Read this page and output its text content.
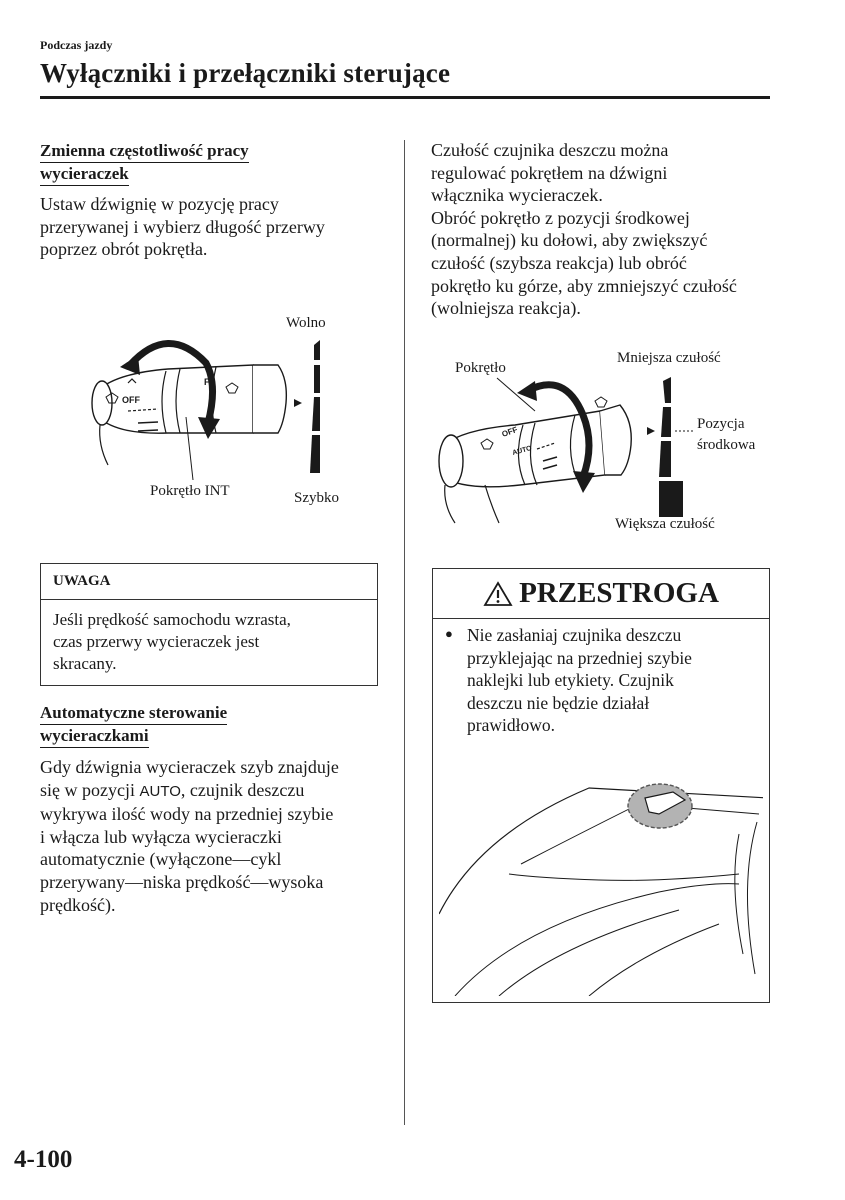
Podczas jazdy
Wyłączniki i przełączniki sterujące
Zmienna częstotliwość pracy
wycieraczek
Ustaw dźwignię w pozycję pracy
przerywanej i wybierz długość przerwy
poprzez obrót pokrętła.
OFF
FF
Wolno
Pokrętło INT	Szybko
UWAGA
Jeśli prędkość samochodu wzrasta,
czas przerwy wycieraczek jest
skracany.
Automatyczne sterowanie
wycieraczkami
Gdy dźwignia wycieraczek szyb znajduje
się w pozycji AUTO, czujnik deszczu
wykrywa ilość wody na przedniej szybie
i włącza lub wyłącza wycieraczki
automatycznie (wyłączone—cykl
przerywany—niska prędkość—wysoka
prędkość).
Czułość czujnika deszczu można
regulować pokrętłem na dźwigni
włącznika wycieraczek.
Obróć pokrętło z pozycji środkowej
(normalnej) ku dołowi, aby zwiększyć
czułość (szybsza reakcja) lub obróć
pokrętło ku górze, aby zmniejszyć czułość
(wolniejsza reakcja).
OFF
AUTO
Pokrętło
Mniejsza czułość
Pozycja
środkowa
Większa czułość
PRZESTROGA
● Nie zasłaniaj czujnika deszczu
przyklejając na przedniej szybie
naklejki lub etykiety. Czujnik
deszczu nie będzie działał
prawidłowo.
4-100
